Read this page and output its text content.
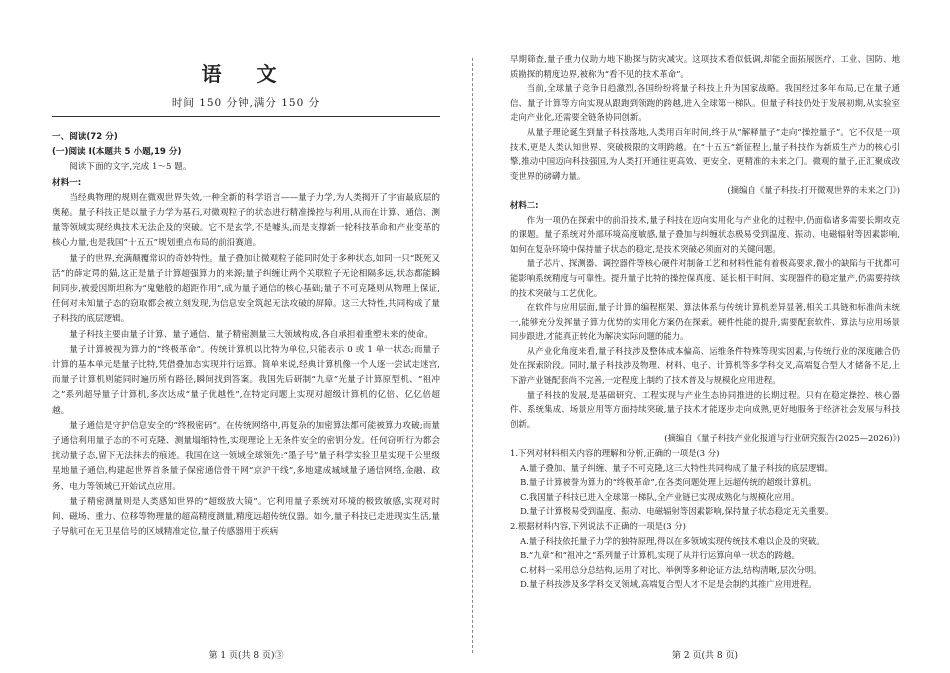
语 文
时间 150 分钟,满分 150 分

一、阅读(72 分)

(一)阅读 I(本题共 5 小题,19 分)

阅读下面的文字,完成 1～5 题。

材料一:

当经典物理的规则在微观世界失效,一种全新的科学语言——量子力学,为人类揭开了宇宙最底层的奥秘。量子科技正是以量子力学为基石,对微观粒子的状态进行精准操控与利用,从而在计算、通信、测量等领域实现经典技术无法企及的突破。它不是玄学,不是噱头,而是支撑新一轮科技革命和产业变革的核心力量,也是我国“十五五”规划重点布局的前沿赛道。

量子的世界,充满颠覆常识的奇妙特性。量子叠加让微观粒子能同时处于多种状态,如同一只“既死又活”的薛定谔的猫,这正是量子计算超强算力的来源;量子纠缠让两个关联粒子无论相隔多远,状态都能瞬间同步,被爱因斯坦称为“鬼魅般的超距作用”,成为量子通信的核心基础;量子不可克隆则从物理上保证,任何对未知量子态的窃取都会被立刻发现,为信息安全筑起无法攻破的屏障。这三大特性,共同构成了量子科技的底层逻辑。

量子科技主要由量子计算、量子通信、量子精密测量三大领域构成,各自承担着重塑未来的使命。

量子计算被视为算力的“终极革命”。传统计算机以比特为单位,只能表示 0 或 1 单一状态;而量子计算的基本单元是量子比特,凭借叠加态实现并行运算。简单来说,经典计算机像一个人逐一尝试走迷宫,而量子计算机则能同时遍历所有路径,瞬间找到答案。我国先后研制“九章”光量子计算原型机、“祖冲之”系列超导量子计算机,多次达成“量子优越性”,在特定问题上实现对超级计算机的亿倍、亿亿倍超越。

量子通信是守护信息安全的“终极密码”。在传统网络中,再复杂的加密算法都可能被算力攻破;而量子通信利用量子态的不可克隆、测量塌缩特性,实现理论上无条件安全的密钥分发。任何窃听行为都会扰动量子态,留下无法抹去的痕迹。我国在这一领域全球领先:“墨子号”量子科学实验卫星实现千公里级星地量子通信,构建起世界首条量子保密通信骨干网“京沪干线”,多地建成城域量子通信网络,金融、政务、电力等领域已开始试点应用。

量子精密测量则是人类感知世界的“超级放大镜”。它利用量子系统对环境的极致敏感,实现对时间、磁场、重力、位移等物理量的超高精度测量,精度远超传统仪器。如今,量子科技已走进现实生活,量子导航可在无卫星信号的区域精准定位,量子传感器用于疾病

第 1 页(共 8 页)③

早期筛查,量子重力仪助力地下勘探与防灾减灾。这项技术看似低调,却能全面拓展医疗、工业、国防、地质勘探的精度边界,被称为“看不见的技术革命”。

当前,全球量子竞争日趋激烈,各国纷纷将量子科技上升为国家战略。我国经过多年布局,已在量子通信、量子计算等方向实现从跟跑到领跑的跨越,进入全球第一梯队。但量子科技仍处于发展初期,从实验室走向产业化,还需要全链条协同创新。

从量子理论诞生到量子科技落地,人类用百年时间,终于从“解释量子”走向“操控量子”。它不仅是一项技术,更是人类认知世界、突破极限的文明跨越。在“十五五”新征程上,量子科技作为新质生产力的核心引擎,推动中国迈向科技强国,为人类打开通往更高效、更安全、更精准的未来之门。微观的量子,正汇聚成改变世界的磅礴力量。

(摘编自《量子科技:打开微观世界的未来之门》)

材料二:

作为一项仍在探索中的前沿技术,量子科技在迈向实用化与产业化的过程中,仍面临诸多需要长期攻克的课题。量子系统对外部环境高度敏感,量子叠加与纠缠状态极易受到温度、振动、电磁辐射等因素影响,如何在复杂环境中保持量子状态的稳定,是技术突破必须面对的关键问题。

量子芯片、探测器、调控器件等核心硬件对制备工艺和材料性能有着极高要求,微小的缺陷与干扰都可能影响系统精度与可靠性。提升量子比特的操控保真度、延长相干时间、实现器件的稳定量产,仍需要持续的技术突破与工艺优化。

在软件与应用层面,量子计算的编程框架、算法体系与传统计算机差异显著,相关工具链和标准尚未统一,能够充分发挥量子算力优势的实用化方案仍在探索。硬件性能的提升,需要配套软件、算法与应用场景同步跟进,才能真正转化为解决实际问题的能力。

从产业化角度来看,量子科技涉及整体成本偏高、运维条件特殊等现实因素,与传统行业的深度融合仍处在探索阶段。同时,量子科技涉及物理、材料、电子、计算机等多学科交叉,高端复合型人才储备不足,上下游产业链配套尚不完善,一定程度上制约了技术普及与规模化应用进程。

量子科技的发展,是基础研究、工程实现与产业生态协同推进的长期过程。只有在稳定操控、核心器件、系统集成、场景应用等方面持续突破,量子技术才能逐步走向成熟,更好地服务于经济社会发展与科技创新。

(摘编自《量子科技产业化报道与行业研究报告(2025—2026)》)

1.下列对材料相关内容的理解和分析,正确的一项是(3 分)

A.量子叠加、量子纠缠、量子不可克隆,这三大特性共同构成了量子科技的底层逻辑。

B.量子计算被誉为算力的“终极革命”,在各类问题处理上远超传统的超级计算机。

C.我国量子科技已进入全球第一梯队,全产业链已实现成熟化与规模化应用。

D.量子计算极易受到温度、振动、电磁辐射等因素影响,保持量子状态稳定无关重要。

2.根据材料内容,下列说法不正确的一项是(3 分)

A.量子科技依托量子力学的独特原理,得以在多领域实现传统技术难以企及的突破。

B.“九章”和“祖冲之”系列量子计算机,实现了从并行运算向单一状态的跨越。

C.材料一采用总分总结构,运用了对比、举例等多种论证方法,结构清晰,层次分明。

D.量子科技涉及多学科交叉领域,高端复合型人才不足是会制约其推广应用进程。

第 2 页(共 8 页)
